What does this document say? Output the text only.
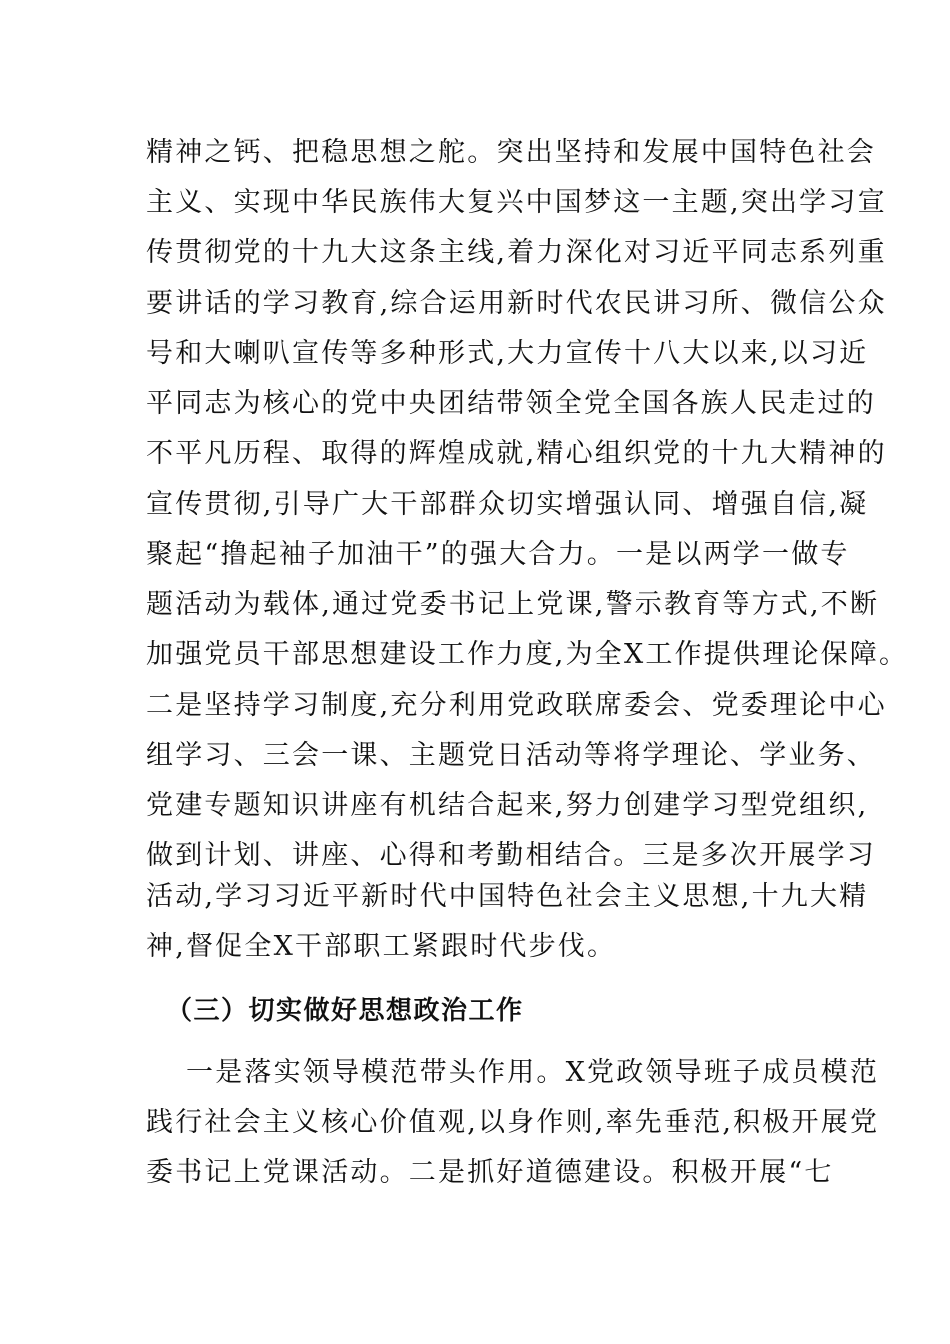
精神之钙、把稳思想之舵。突出坚持和发展中国特色社会
主义、实现中华民族伟大复兴中国梦这一主题,突出学习宣
传贯彻党的十九大这条主线,着力深化对习近平同志系列重
要讲话的学习教育,综合运用新时代农民讲习所、微信公众
号和大喇叭宣传等多种形式,大力宣传十八大以来,以习近
平同志为核心的党中央团结带领全党全国各族人民走过的
不平凡历程、取得的辉煌成就,精心组织党的十九大精神的
宣传贯彻,引导广大干部群众切实增强认同、增强自信,凝
聚起“撸起袖子加油干”的强大合力。一是以两学一做专
题活动为载体,通过党委书记上党课,警示教育等方式,不断
加强党员干部思想建设工作力度,为全X工作提供理论保障。
二是坚持学习制度,充分利用党政联席委会、党委理论中心
组学习、三会一课、主题党日活动等将学理论、学业务、
党建专题知识讲座有机结合起来,努力创建学习型党组织,
做到计划、讲座、心得和考勤相结合。三是多次开展学习
活动,学习习近平新时代中国特色社会主义思想,十九大精
神,督促全X干部职工紧跟时代步伐。
（三）切实做好思想政治工作
一是落实领导模范带头作用。X党政领导班子成员模范
践行社会主义核心价值观,以身作则,率先垂范,积极开展党
委书记上党课活动。二是抓好道德建设。积极开展“七
